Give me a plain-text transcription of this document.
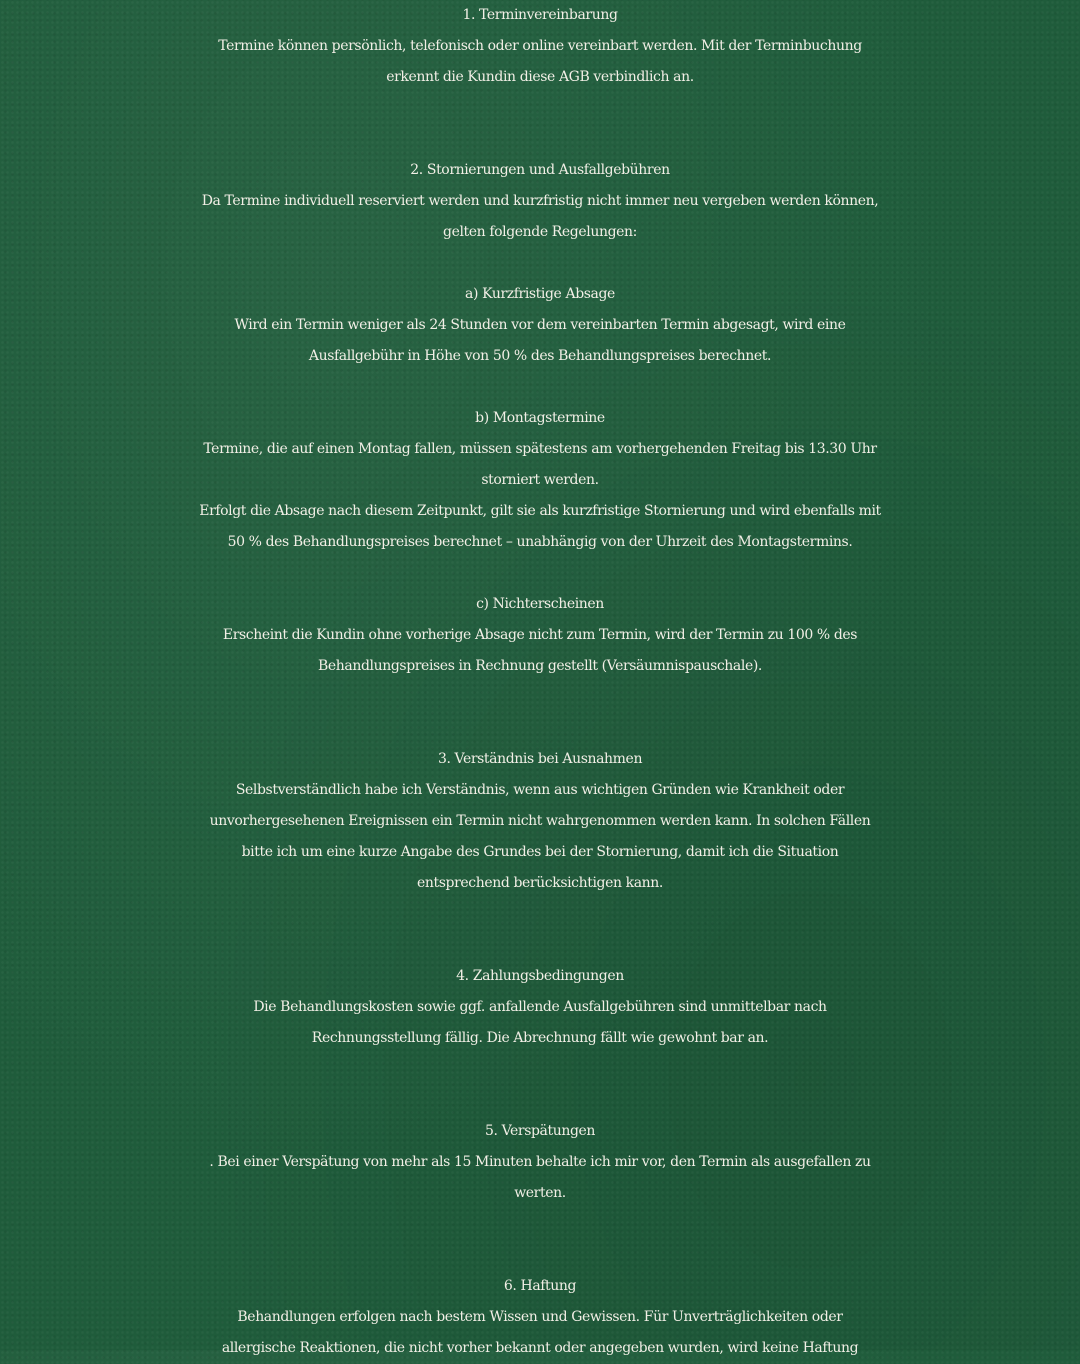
1. Terminvereinbarung
Termine können persönlich, telefonisch oder online vereinbart werden. Mit der Terminbuchung
erkennt die Kundin diese AGB verbindlich an.
2. Stornierungen und Ausfallgebühren
Da Termine individuell reserviert werden und kurzfristig nicht immer neu vergeben werden können,
gelten folgende Regelungen:
a) Kurzfristige Absage
Wird ein Termin weniger als 24 Stunden vor dem vereinbarten Termin abgesagt, wird eine
Ausfallgebühr in Höhe von 50 % des Behandlungspreises berechnet.
b) Montagstermine
Termine, die auf einen Montag fallen, müssen spätestens am vorhergehenden Freitag bis 13.30 Uhr
storniert werden.
Erfolgt die Absage nach diesem Zeitpunkt, gilt sie als kurzfristige Stornierung und wird ebenfalls mit
50 % des Behandlungspreises berechnet – unabhängig von der Uhrzeit des Montagstermins.
c) Nichterscheinen
Erscheint die Kundin ohne vorherige Absage nicht zum Termin, wird der Termin zu 100 % des
Behandlungspreises in Rechnung gestellt (Versäumnispauschale).
3. Verständnis bei Ausnahmen
Selbstverständlich habe ich Verständnis, wenn aus wichtigen Gründen wie Krankheit oder
unvorhergesehenen Ereignissen ein Termin nicht wahrgenommen werden kann. In solchen Fällen
bitte ich um eine kurze Angabe des Grundes bei der Stornierung, damit ich die Situation
entsprechend berücksichtigen kann.
4. Zahlungsbedingungen
Die Behandlungskosten sowie ggf. anfallende Ausfallgebühren sind unmittelbar nach
Rechnungsstellung fällig. Die Abrechnung fällt wie gewohnt bar an.
5. Verspätungen
. Bei einer Verspätung von mehr als 15 Minuten behalte ich mir vor, den Termin als ausgefallen zu
werten.
6. Haftung
Behandlungen erfolgen nach bestem Wissen und Gewissen. Für Unverträglichkeiten oder
allergische Reaktionen, die nicht vorher bekannt oder angegeben wurden, wird keine Haftung
